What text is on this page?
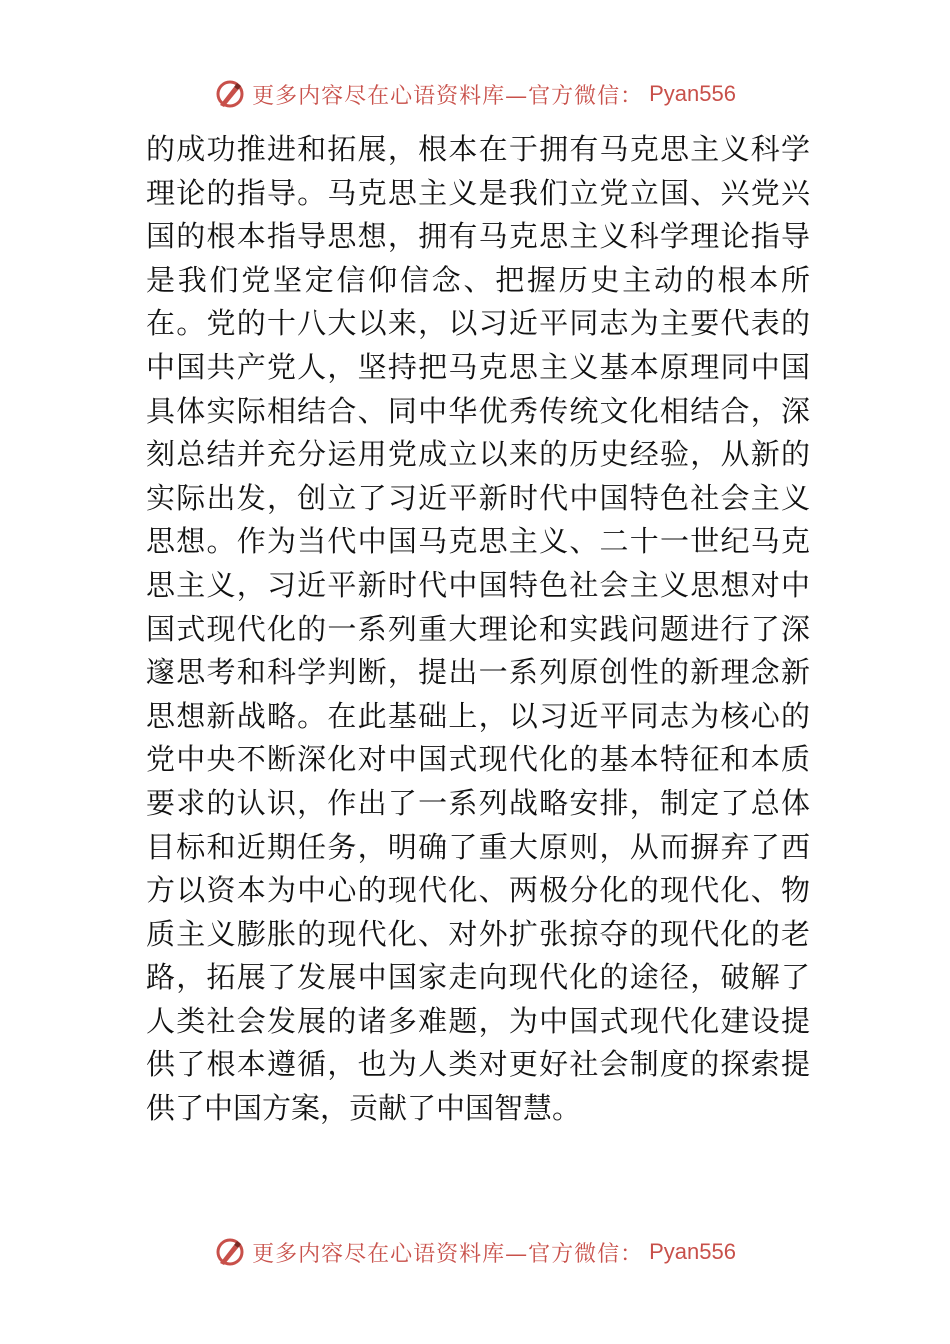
更多内容尽在心语资料库—官方微信： Pyan556

的成功推进和拓展，根本在于拥有马克思主义科学理论的指导。马克思主义是我们立党立国、兴党兴国的根本指导思想，拥有马克思主义科学理论指导是我们党坚定信仰信念、把握历史主动的根本所在。党的十八大以来，以习近平同志为主要代表的中国共产党人，坚持把马克思主义基本原理同中国具体实际相结合、同中华优秀传统文化相结合，深刻总结并充分运用党成立以来的历史经验，从新的实际出发，创立了习近平新时代中国特色社会主义思想。作为当代中国马克思主义、二十一世纪马克思主义，习近平新时代中国特色社会主义思想对中国式现代化的一系列重大理论和实践问题进行了深邃思考和科学判断，提出一系列原创性的新理念新思想新战略。在此基础上，以习近平同志为核心的党中央不断深化对中国式现代化的基本特征和本质要求的认识，作出了一系列战略安排，制定了总体目标和近期任务，明确了重大原则，从而摒弃了西方以资本为中心的现代化、两极分化的现代化、物质主义膨胀的现代化、对外扩张掠夺的现代化的老路，拓展了发展中国家走向现代化的途径，破解了人类社会发展的诸多难题，为中国式现代化建设提供了根本遵循，也为人类对更好社会制度的探索提供了中国方案，贡献了中国智慧。

更多内容尽在心语资料库—官方微信： Pyan556
